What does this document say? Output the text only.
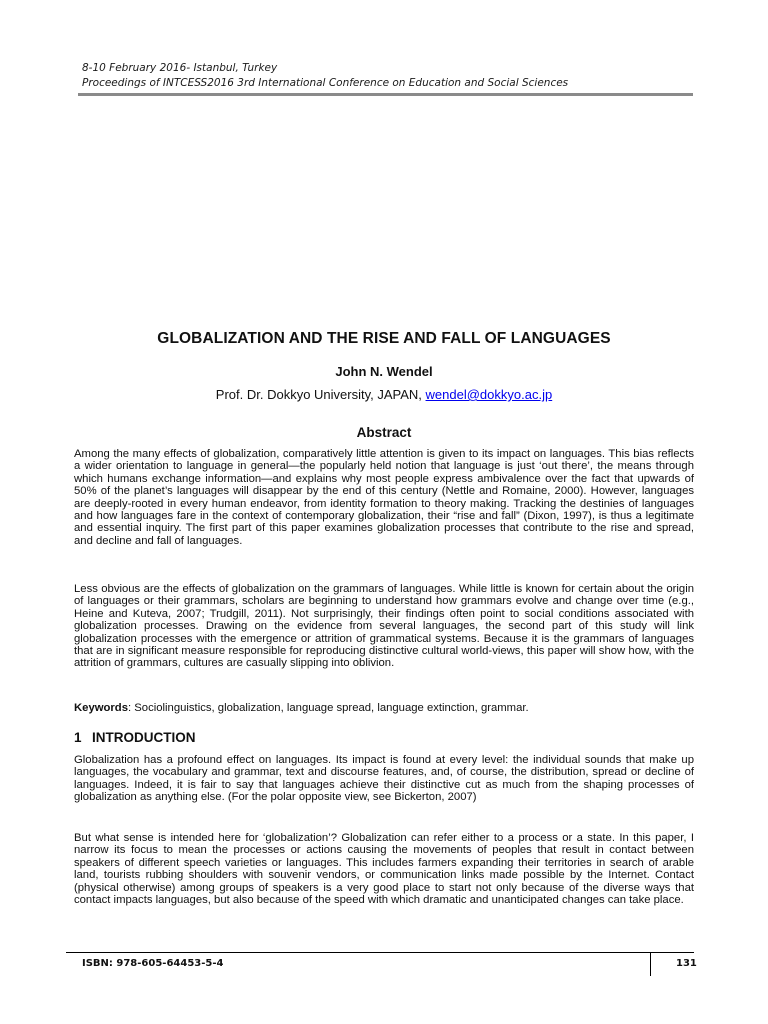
8-10 February 2016- Istanbul, Turkey
Proceedings of INTCESS2016 3rd International Conference on Education and Social Sciences
GLOBALIZATION AND THE RISE AND FALL OF LANGUAGES
John N. Wendel
Prof. Dr. Dokkyo University, JAPAN, wendel@dokkyo.ac.jp
Abstract

Among the many effects of globalization, comparatively little attention is given to its impact on languages. This bias reflects a wider orientation to language in general—the popularly held notion that language is just ‘out there’, the means through which humans exchange information—and explains why most people express ambivalence over the fact that upwards of 50% of the planet’s languages will disappear by the end of this century (Nettle and Romaine, 2000). However, languages are deeply-rooted in every human endeavor, from identity formation to theory making. Tracking the destinies of languages and how languages fare in the context of contemporary globalization, their “rise and fall” (Dixon, 1997), is thus a legitimate and essential inquiry. The first part of this paper examines globalization processes that contribute to the rise and spread, and decline and fall of languages.

Less obvious are the effects of globalization on the grammars of languages. While little is known for certain about the origin of languages or their grammars, scholars are beginning to understand how grammars evolve and change over time (e.g., Heine and Kuteva, 2007; Trudgill, 2011). Not surprisingly, their findings often point to social conditions associated with globalization processes. Drawing on the evidence from several languages, the second part of this study will link globalization processes with the emergence or attrition of grammatical systems. Because it is the grammars of languages that are in significant measure responsible for reproducing distinctive cultural world-views, this paper will show how, with the attrition of grammars, cultures are casually slipping into oblivion.

Keywords: Sociolinguistics, globalization, language spread, language extinction, grammar.

1 INTRODUCTION

Globalization has a profound effect on languages. Its impact is found at every level: the individual sounds that make up languages, the vocabulary and grammar, text and discourse features, and, of course, the distribution, spread or decline of languages. Indeed, it is fair to say that languages achieve their distinctive cut as much from the shaping processes of globalization as anything else. (For the polar opposite view, see Bickerton, 2007)

But what sense is intended here for ‘globalization’? Globalization can refer either to a process or a state. In this paper, I narrow its focus to mean the processes or actions causing the movements of peoples that result in contact between speakers of different speech varieties or languages. This includes farmers expanding their territories in search of arable land, tourists rubbing shoulders with souvenir vendors, or communication links made possible by the Internet. Contact (physical otherwise) among groups of speakers is a very good place to start not only because of the diverse ways that contact impacts languages, but also because of the speed with which dramatic and unanticipated changes can take place.

ISBN: 978-605-64453-5-4	131
